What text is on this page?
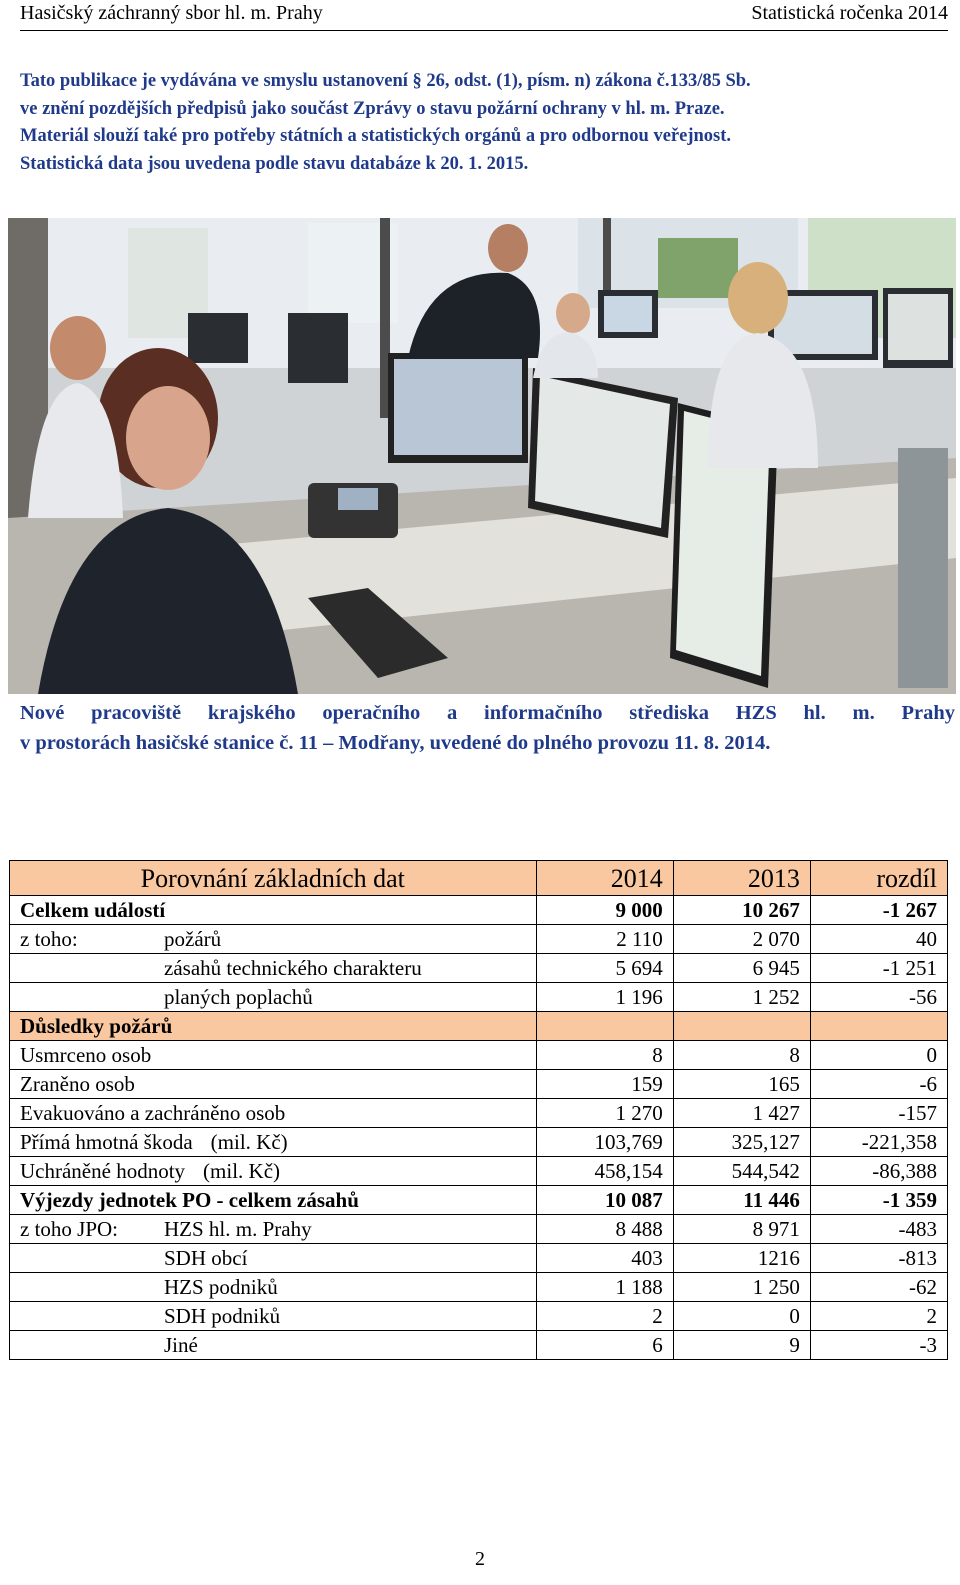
Hasičský záchranný sbor hl. m. Prahy	Statistická ročenka 2014
Tato publikace je vydávána ve smyslu ustanovení § 26, odst. (1), písm. n) zákona č.133/85 Sb.
ve znění pozdějších předpisů jako součást Zprávy o stavu požární ochrany v hl. m. Praze.
Materiál slouží také pro potřeby státních a statistických orgánů a pro odbornou veřejnost.
Statistická data jsou uvedena podle stavu databáze k 20. 1. 2015.
Nové pracoviště krajského operačního a informačního střediska HZS hl. m. Prahy
v prostorách hasičské stanice č. 11 – Modřany, uvedené do plného provozu 11. 8. 2014.
Porovnání základních dat	2014	2013	rozdíl
Celkem událostí	9 000	10 267	-1 267
z toho: požárů	2 110	2 070	40
zásahů technického charakteru	5 694	6 945	-1 251
planých poplachů	1 196	1 252	-56
Důsledky požárů			
Usmrceno osob	8	8	0
Zraněno osob	159	165	-6
Evakuováno a zachráněno osob	1 270	1 427	-157
Přímá hmotná škoda (mil. Kč)	103,769	325,127	-221,358
Uchráněné hodnoty (mil. Kč)	458,154	544,542	-86,388
Výjezdy jednotek PO - celkem zásahů	10 087	11 446	-1 359
z toho JPO: HZS hl. m. Prahy	8 488	8 971	-483
SDH obcí	403	1216	-813
HZS podniků	1 188	1 250	-62
SDH podniků	2	0	2
Jiné	6	9	-3
2
